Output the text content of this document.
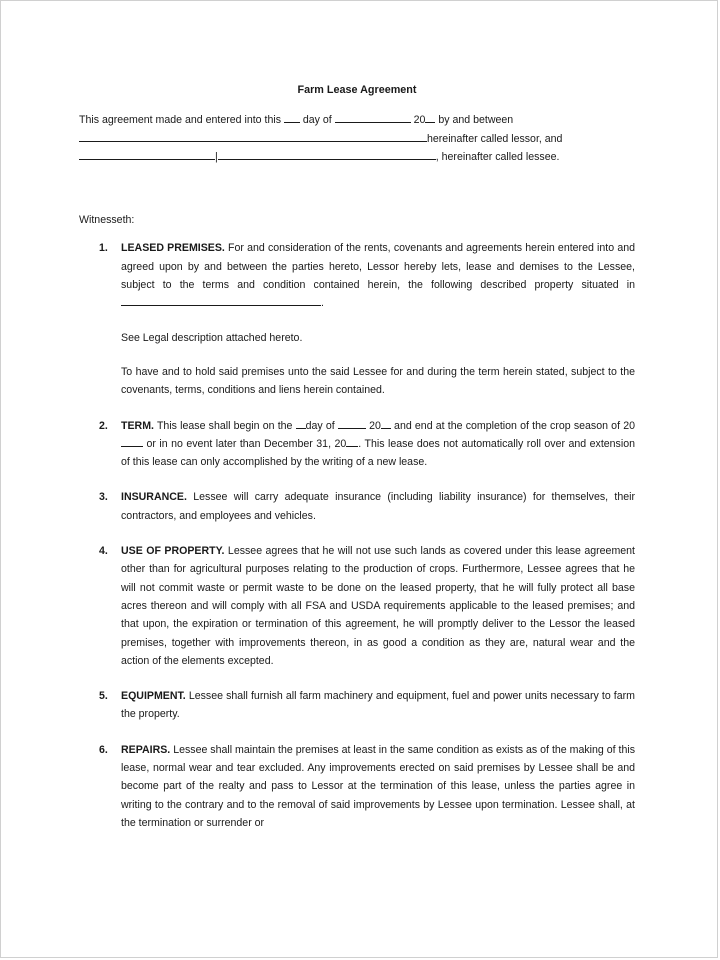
Farm Lease Agreement
This agreement made and entered into this  day of	20 by and between
hereinafter called lessor, and
|	, hereinafter called lessee.
Witnesseth:
1. LEASED PREMISES. For and consideration of the rents, covenants and agreements herein entered into and agreed upon by and between the parties hereto, Lessor hereby lets, lease and demises to the Lessee, subject to the terms and condition contained herein, the following described property situated in .

See Legal description attached hereto.

To have and to hold said premises unto the said Lessee for and during the term herein stated, subject to the covenants, terms, conditions and liens herein contained.

2. TERM. This lease shall begin on the day of	20 and end at the completion of the crop season of 20 or in no event later than December 31, 20 . This lease does not automatically roll over and extension of this lease can only accomplished by the writing of a new lease.

3. INSURANCE. Lessee will carry adequate insurance (including liability insurance) for themselves, their contractors, and employees and vehicles.

4. USE OF PROPERTY. Lessee agrees that he will not use such lands as covered under this lease agreement other than for agricultural purposes relating to the production of crops. Furthermore, Lessee agrees that he will not commit waste or permit waste to be done on the leased property, that he will fully protect all base acres thereon and will comply with all FSA and USDA requirements applicable to the leased premises; and that upon, the expiration or termination of this agreement, he will promptly deliver to the Lessor the leased premises, together with improvements thereon, in as good a condition as they are, natural wear and the action of the elements excepted.

5. EQUIPMENT. Lessee shall furnish all farm machinery and equipment, fuel and power units necessary to farm the property.

6. REPAIRS. Lessee shall maintain the premises at least in the same condition as exists as of the making of this lease, normal wear and tear excluded. Any improvements erected on said premises by Lessee shall be and become part of the realty and pass to Lessor at the termination of this lease, unless the parties agree in writing to the contrary and to the removal of said improvements by Lessee upon termination. Lessee shall, at the termination or surrender or
